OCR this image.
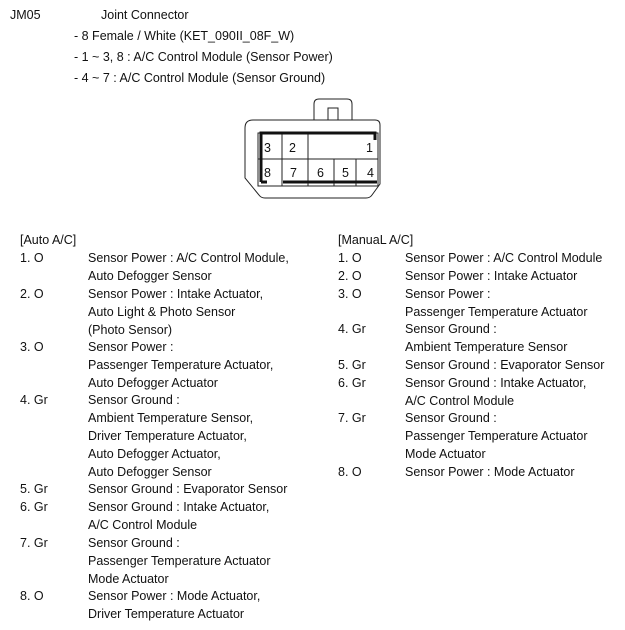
JM05	Joint Connector
- 8 Female / White (KET_090II_08F_W)
- 1 ~ 3, 8 : A/C Control Module (Sensor Power)
- 4 ~ 7 : A/C Control Module (Sensor Ground)
3 2	1
8 7 6 5 4
[Auto A/C]
1. O	Sensor Power : A/C Control Module,
Auto Defogger Sensor
2. O	Sensor Power : Intake Actuator,
Auto Light & Photo Sensor
(Photo Sensor)
3. O	Sensor Power :
Passenger Temperature Actuator,
Auto Defogger Actuator
4. Gr	Sensor Ground :
Ambient Temperature Sensor,
Driver Temperature Actuator,
Auto Defogger Actuator,
Auto Defogger Sensor
5. Gr	Sensor Ground : Evaporator Sensor
6. Gr	Sensor Ground : Intake Actuator,
A/C Control Module
7. Gr	Sensor Ground :
Passenger Temperature Actuator
Mode Actuator
8. O	Sensor Power : Mode Actuator,
Driver Temperature Actuator
[ManuaL A/C]
1. O	Sensor Power : A/C Control Module
2. O	Sensor Power : Intake Actuator
3. O	Sensor Power :
Passenger Temperature Actuator
4. Gr	Sensor Ground :
Ambient Temperature Sensor
5. Gr	Sensor Ground : Evaporator Sensor
6. Gr	Sensor Ground : Intake Actuator,
A/C Control Module
7. Gr	Sensor Ground :
Passenger Temperature Actuator
Mode Actuator
8. O	Sensor Power : Mode Actuator
